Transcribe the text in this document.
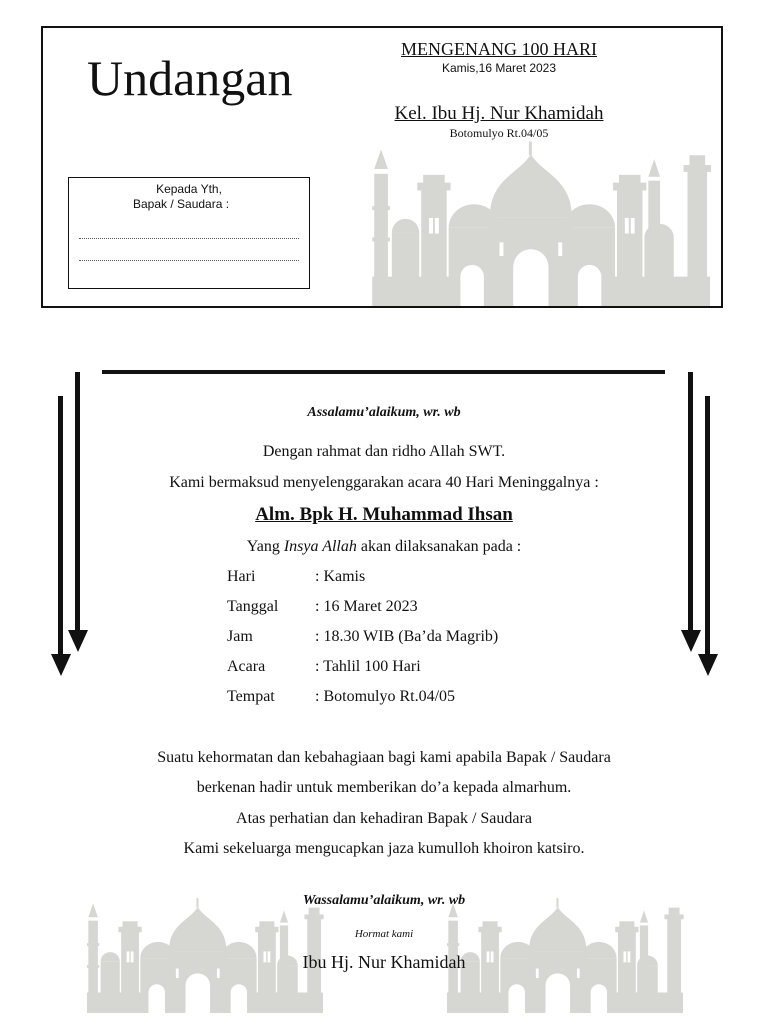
Undangan
MENGENANG 100 HARI
Kamis,16 Maret 2023
Kel. Ibu Hj. Nur Khamidah
Botomulyo Rt.04/05
Kepada Yth,
Bapak / Saudara :
Assalamu’alaikum, wr. wb
Dengan rahmat dan ridho Allah SWT.
Kami bermaksud menyelenggarakan acara 40 Hari Meninggalnya :
Alm. Bpk H. Muhammad Ihsan
Yang Insya Allah akan dilaksanakan pada :
Hari	: Kamis
Tanggal : 16 Maret 2023
Jam	: 18.30 WIB (Ba’da Magrib)
Acara	: Tahlil 100 Hari
Tempat	: Botomulyo Rt.04/05
Suatu kehormatan dan kebahagiaan bagi kami apabila Bapak / Saudara
berkenan hadir untuk memberikan do’a kepada almarhum.
Atas perhatian dan kehadiran Bapak / Saudara
Kami sekeluarga mengucapkan jaza kumulloh khoiron katsiro.
Wassalamu’alaikum, wr. wb
Hormat kami
Ibu Hj. Nur Khamidah
